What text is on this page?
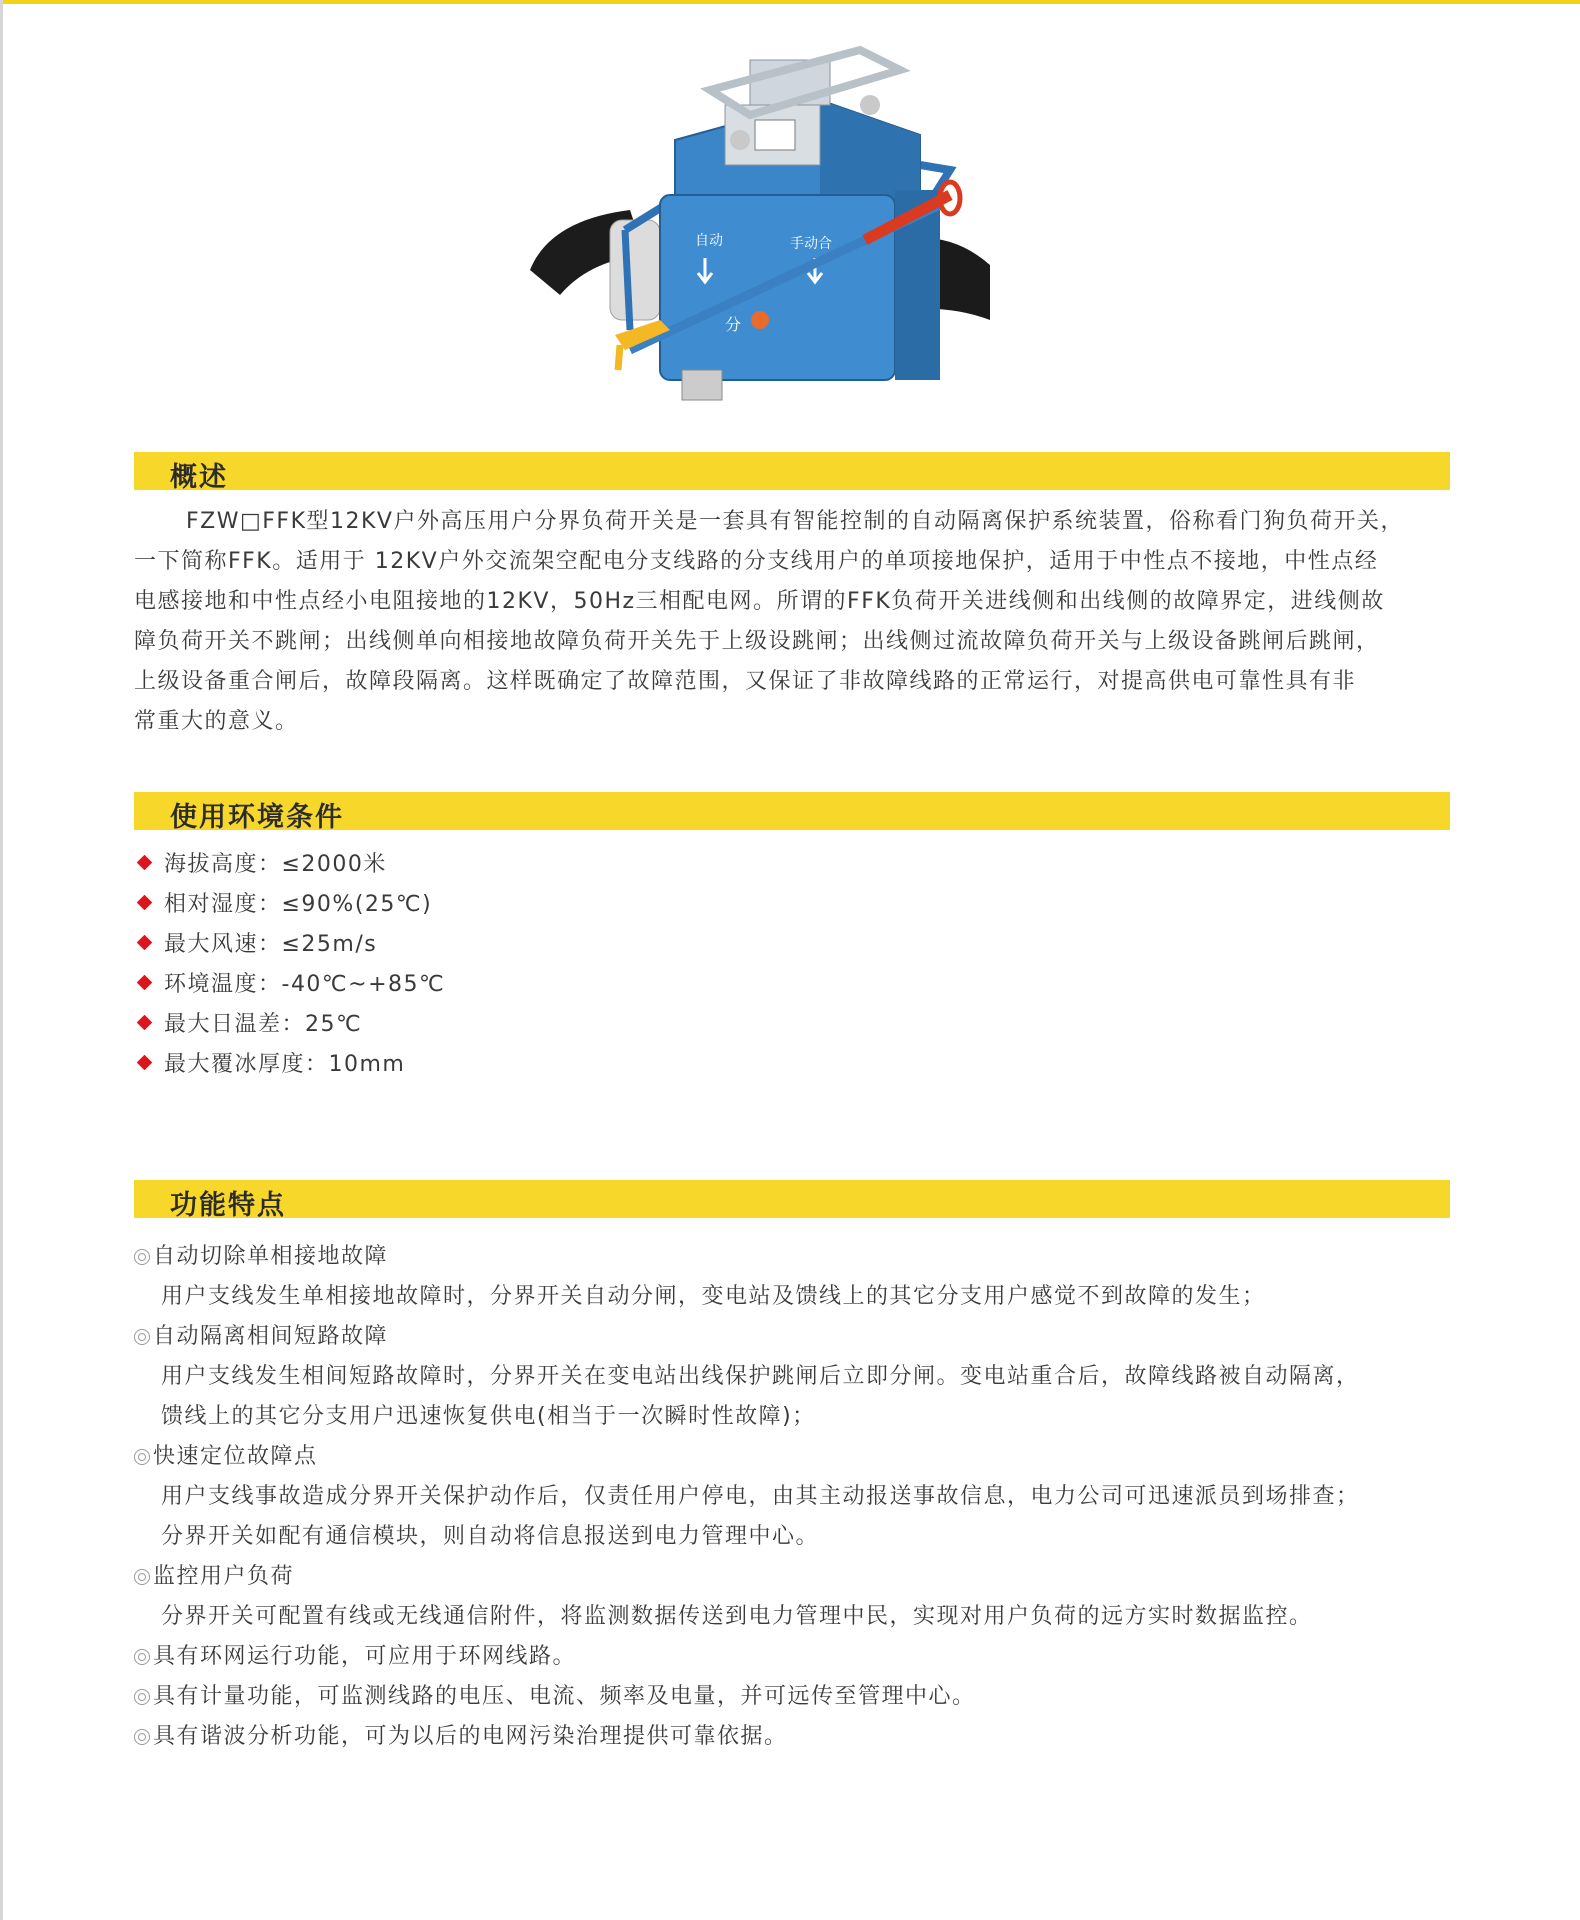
自动	手动合
分
概述
FZW□FFK型12KV户外高压用户分界负荷开关是一套具有智能控制的自动隔离保护系统装置，俗称看门狗负荷开关，
一下简称FFK。适用于 12KV户外交流架空配电分支线路的分支线用户的单项接地保护，适用于中性点不接地，中性点经
电感接地和中性点经小电阻接地的12KV，50Hz三相配电网。所谓的FFK负荷开关进线侧和出线侧的故障界定，进线侧故
障负荷开关不跳闸；出线侧单向相接地故障负荷开关先于上级设跳闸；出线侧过流故障负荷开关与上级设备跳闸后跳闸，
上级设备重合闸后，故障段隔离。这样既确定了故障范围，又保证了非故障线路的正常运行，对提高供电可靠性具有非
常重大的意义。
使用环境条件
海拔高度：≤2000米
相对湿度：≤90%(25℃)
最大风速：≤25m/s
环境温度：-40℃~+85℃
最大日温差：25℃
最大覆冰厚度：10mm
功能特点
自动切除单相接地故障
用户支线发生单相接地故障时，分界开关自动分闸，变电站及馈线上的其它分支用户感觉不到故障的发生；
自动隔离相间短路故障
用户支线发生相间短路故障时，分界开关在变电站出线保护跳闸后立即分闸。变电站重合后，故障线路被自动隔离，
馈线上的其它分支用户迅速恢复供电(相当于一次瞬时性故障)；
快速定位故障点
用户支线事故造成分界开关保护动作后，仅责任用户停电，由其主动报送事故信息，电力公司可迅速派员到场排查；
分界开关如配有通信模块，则自动将信息报送到电力管理中心。
监控用户负荷
分界开关可配置有线或无线通信附件，将监测数据传送到电力管理中民，实现对用户负荷的远方实时数据监控。
具有环网运行功能，可应用于环网线路。
具有计量功能，可监测线路的电压、电流、频率及电量，并可远传至管理中心。
具有谐波分析功能，可为以后的电网污染治理提供可靠依据。
